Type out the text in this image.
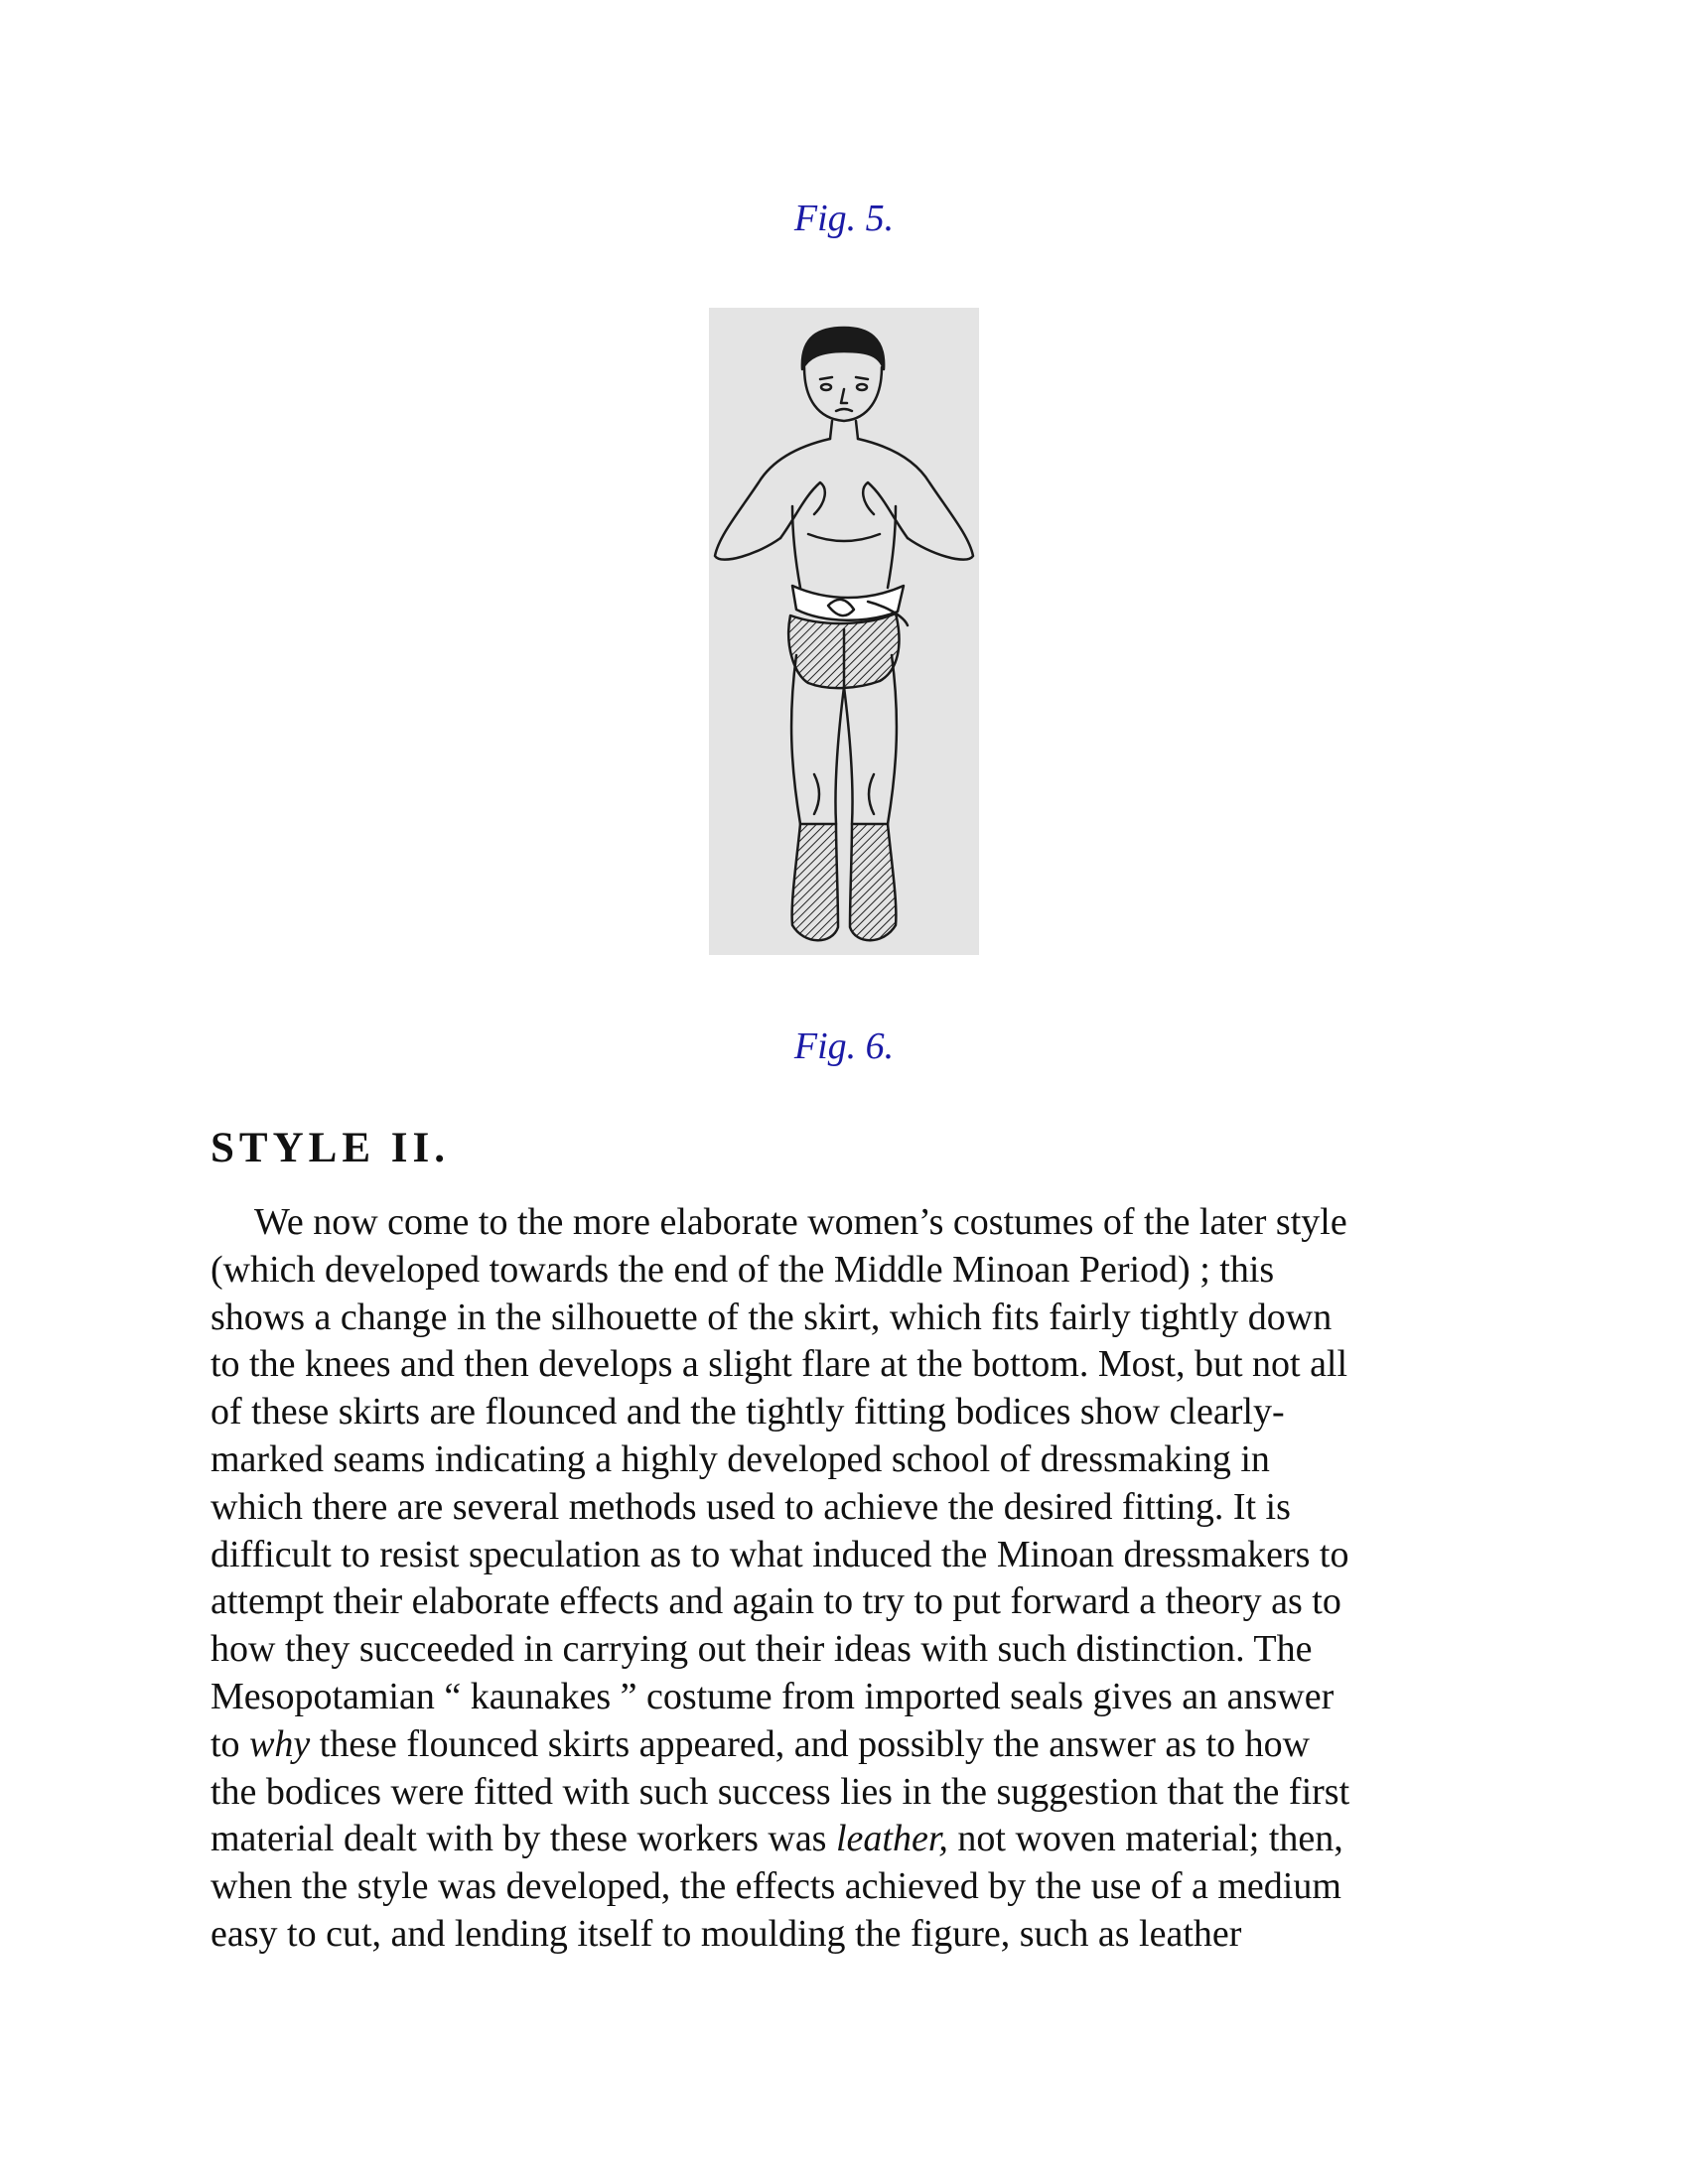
Fig. 5.
Fig. 6.
STYLE II.
We now come to the more elaborate women’s costumes of the later style
(which developed towards the end of the Middle Minoan Period) ; this
shows a change in the silhouette of the skirt, which fits fairly tightly down
to the knees and then develops a slight flare at the bottom. Most, but not all
of these skirts are flounced and the tightly fitting bodices show clearly-
marked seams indicating a highly developed school of dressmaking in
which there are several methods used to achieve the desired fitting. It is
difficult to resist speculation as to what induced the Minoan dressmakers to
attempt their elaborate effects and again to try to put forward a theory as to
how they succeeded in carrying out their ideas with such distinction. The
Mesopotamian “ kaunakes ” costume from imported seals gives an answer
to why these flounced skirts appeared, and possibly the answer as to how
the bodices were fitted with such success lies in the suggestion that the first
material dealt with by these workers was leather, not woven material; then,
when the style was developed, the effects achieved by the use of a medium
easy to cut, and lending itself to moulding the figure, such as leather
